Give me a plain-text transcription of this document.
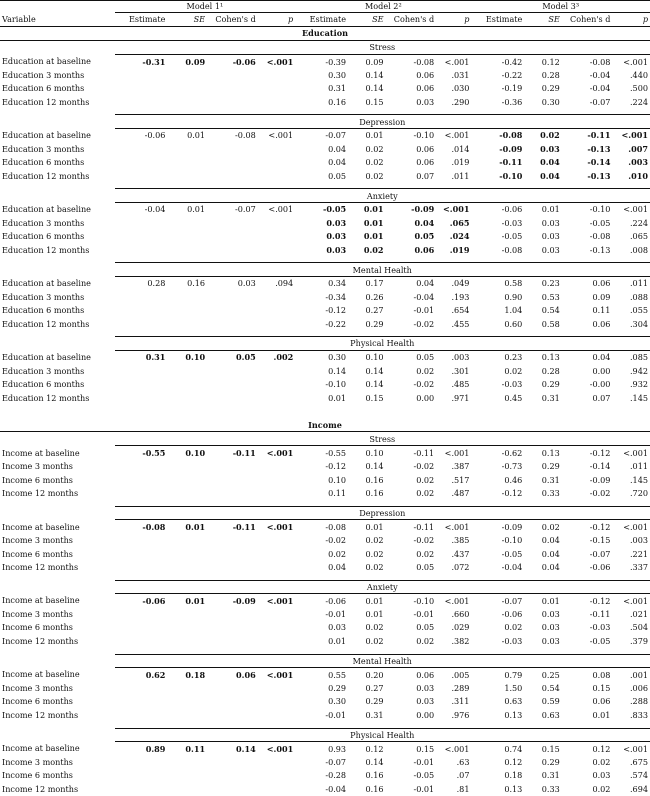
	Model 1¹				Model 2²				Model 3³			
Variable	Estimate	SE	Cohen's d	p	Estimate	SE	Cohen's d	p	Estimate	SE	Cohen's d	p
Education												
	Stress											
Education at baseline	-0.31	0.09	-0.06	<.001	-0.39	0.09	-0.08	<.001	-0.42	0.12	-0.08	<.001
Education 3 months					0.30	0.14	0.06	.031	-0.22	0.28	-0.04	.440
Education 6 months					0.31	0.14	0.06	.030	-0.19	0.29	-0.04	.500
Education 12 months					0.16	0.15	0.03	.290	-0.36	0.30	-0.07	.224

	Depression											
Education at baseline	-0.06	0.01	-0.08	<.001	-0.07	0.01	-0.10	<.001	-0.08	0.02	-0.11	<.001
Education 3 months					0.04	0.02	0.06	.014	-0.09	0.03	-0.13	.007
Education 6 months					0.04	0.02	0.06	.019	-0.11	0.04	-0.14	.003
Education 12 months					0.05	0.02	0.07	.011	-0.10	0.04	-0.13	.010

	Anxiety											
Education at baseline	-0.04	0.01	-0.07	<.001	-0.05	0.01	-0.09	<.001	-0.06	0.01	-0.10	<.001
Education 3 months					0.03	0.01	0.04	.065	-0.03	0.03	-0.05	.224
Education 6 months					0.03	0.01	0.05	.024	-0.05	0.03	-0.08	.065
Education 12 months					0.03	0.02	0.06	.019	-0.08	0.03	-0.13	.008

	Mental Health											
Education at baseline	0.28	0.16	0.03	.094	0.34	0.17	0.04	.049	0.58	0.23	0.06	.011
Education 3 months					-0.34	0.26	-0.04	.193	0.90	0.53	0.09	.088
Education 6 months					-0.12	0.27	-0.01	.654	1.04	0.54	0.11	.055
Education 12 months					-0.22	0.29	-0.02	.455	0.60	0.58	0.06	.304

	Physical Health											
Education at baseline	0.31	0.10	0.05	.002	0.30	0.10	0.05	.003	0.23	0.13	0.04	.085
Education 3 months					0.14	0.14	0.02	.301	0.02	0.28	0.00	.942
Education 6 months					-0.10	0.14	-0.02	.485	-0.03	0.29	-0.00	.932
Education 12 months					0.01	0.15	0.00	.971	0.45	0.31	0.07	.145

Income												
	Stress											
Income at baseline	-0.55	0.10	-0.11	<.001	-0.55	0.10	-0.11	<.001	-0.62	0.13	-0.12	<.001
Income 3 months					-0.12	0.14	-0.02	.387	-0.73	0.29	-0.14	.011
Income 6 months					0.10	0.16	0.02	.517	0.46	0.31	-0.09	.145
Income 12 months					0.11	0.16	0.02	.487	-0.12	0.33	-0.02	.720

	Depression											
Income at baseline	-0.08	0.01	-0.11	<.001	-0.08	0.01	-0.11	<.001	-0.09	0.02	-0.12	<.001
Income 3 months					-0.02	0.02	-0.02	.385	-0.10	0.04	-0.15	.003
Income 6 months					0.02	0.02	0.02	.437	-0.05	0.04	-0.07	.221
Income 12 months					0.04	0.02	0.05	.072	-0.04	0.04	-0.06	.337

	Anxiety											
Income at baseline	-0.06	0.01	-0.09	<.001	-0.06	0.01	-0.10	<.001	-0.07	0.01	-0.12	<.001
Income 3 months					-0.01	0.01	-0.01	.660	-0.06	0.03	-0.11	.021
Income 6 months					0.03	0.02	0.05	.029	0.02	0.03	-0.03	.504
Income 12 months					0.01	0.02	0.02	.382	-0.03	0.03	-0.05	.379

	Mental Health											
Income at baseline	0.62	0.18	0.06	<.001	0.55	0.20	0.06	.005	0.79	0.25	0.08	.001
Income 3 months					0.29	0.27	0.03	.289	1.50	0.54	0.15	.006
Income 6 months					0.30	0.29	0.03	.311	0.63	0.59	0.06	.288
Income 12 months					-0.01	0.31	0.00	.976	0.13	0.63	0.01	.833

	Physical Health											
Income at baseline	0.89	0.11	0.14	<.001	0.93	0.12	0.15	<.001	0.74	0.15	0.12	<.001
Income 3 months					-0.07	0.14	-0.01	.63	0.12	0.29	0.02	.675
Income 6 months					-0.28	0.16	-0.05	.07	0.18	0.31	0.03	.574
Income 12 months					-0.04	0.16	-0.01	.81	0.13	0.33	0.02	.694
